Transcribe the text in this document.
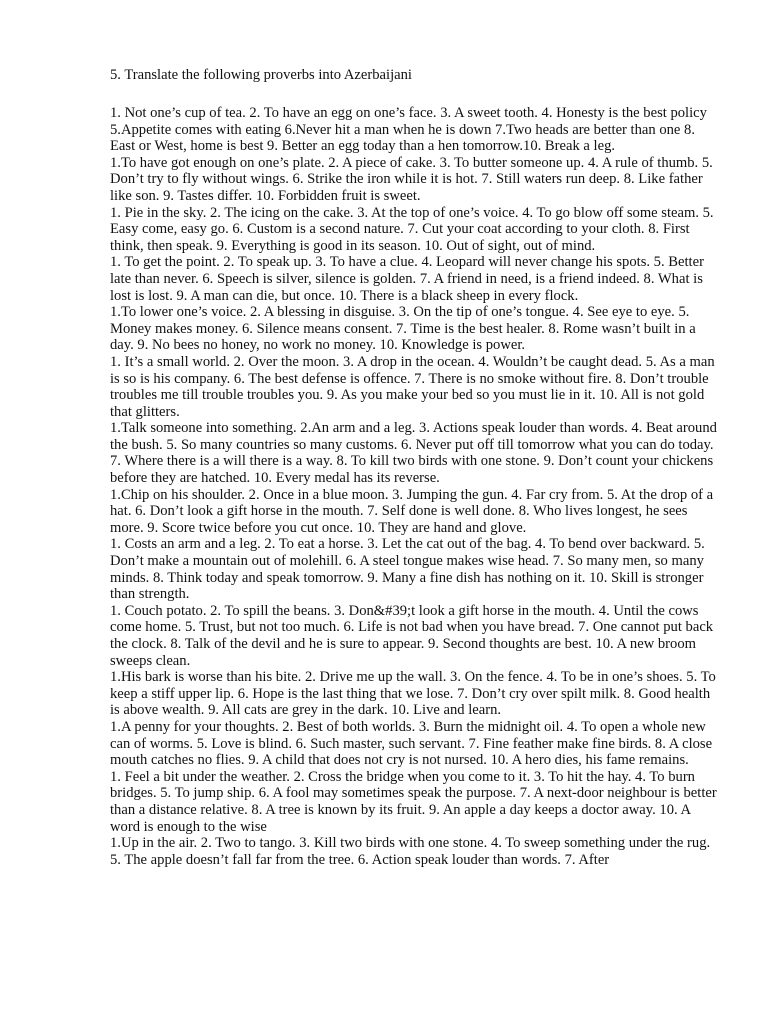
5. Translate the following proverbs into Azerbaijani

1. Not one’s cup of tea. 2. To have an egg on one’s face. 3. A sweet tooth. 4. Honesty is the best policy 5.Appetite comes with eating 6.Never hit a man when he is down 7.Two heads are better than one 8. East or West, home is best 9. Better an egg today than a hen tomorrow.10. Break a leg.

1.To have got enough on one’s plate. 2. A piece of cake. 3. To butter someone up. 4. A rule of thumb. 5. Don’t try to fly without wings. 6. Strike the iron while it is hot. 7. Still waters run deep. 8. Like father like son. 9. Tastes differ. 10. Forbidden fruit is sweet.

1. Pie in the sky. 2. The icing on the cake. 3. At the top of one’s voice. 4. To go blow off some steam. 5. Easy come, easy go. 6. Custom is a second nature. 7. Cut your coat according to your cloth. 8. First think, then speak. 9. Everything is good in its season. 10. Out of sight, out of mind.

1. To get the point. 2. To speak up. 3. To have a clue. 4. Leopard will never change his spots. 5. Better late than never. 6. Speech is silver, silence is golden. 7. A friend in need, is a friend indeed. 8. What is lost is lost. 9. A man can die, but once. 10. There is a black sheep in every flock.

1.To lower one’s voice. 2. A blessing in disguise. 3. On the tip of one’s tongue. 4. See eye to eye. 5. Money makes money. 6. Silence means consent. 7. Time is the best healer. 8. Rome wasn’t built in a day. 9. No bees no honey, no work no money. 10. Knowledge is power.

1. It’s a small world. 2. Over the moon. 3. A drop in the ocean. 4. Wouldn’t be caught dead. 5. As a man is so is his company. 6. The best defense is offence. 7. There is no smoke without fire. 8. Don’t trouble troubles me till trouble troubles you. 9. As you make your bed so you must lie in it. 10. All is not gold that glitters.

1.Talk someone into something. 2.An arm and a leg. 3. Actions speak louder than words. 4. Beat around the bush. 5. So many countries so many customs. 6. Never put off till tomorrow what you can do today. 7. Where there is a will there is a way. 8. To kill two birds with one stone. 9. Don’t count your chickens before they are hatched. 10. Every medal has its reverse.

1.Chip on his shoulder. 2. Once in a blue moon. 3. Jumping the gun. 4. Far cry from. 5. At the drop of a hat. 6. Don’t look a gift horse in the mouth. 7. Self done is well done. 8. Who lives longest, he sees more. 9. Score twice before you cut once. 10. They are hand and glove.

1. Costs an arm and a leg. 2. To eat a horse. 3. Let the cat out of the bag. 4. To bend over backward. 5. Don’t make a mountain out of molehill. 6. A steel tongue makes wise head. 7. So many men, so many minds. 8. Think today and speak tomorrow. 9. Many a fine dish has nothing on it. 10. Skill is stronger than strength.

1. Couch potato. 2. To spill the beans. 3. Don&#39;t look a gift horse in the mouth. 4. Until the cows come home. 5. Trust, but not too much. 6. Life is not bad when you have bread. 7. One cannot put back the clock. 8. Talk of the devil and he is sure to appear. 9. Second thoughts are best. 10. A new broom sweeps clean.

1.His bark is worse than his bite. 2. Drive me up the wall. 3. On the fence. 4. To be in one’s shoes. 5. To keep a stiff upper lip. 6. Hope is the last thing that we lose. 7. Don’t cry over spilt milk. 8. Good health is above wealth. 9. All cats are grey in the dark. 10. Live and learn.

1.A penny for your thoughts. 2. Best of both worlds. 3. Burn the midnight oil. 4. To open a whole new can of worms. 5. Love is blind. 6. Such master, such servant. 7. Fine feather make fine birds. 8. A close mouth catches no flies. 9. A child that does not cry is not nursed. 10. A hero dies, his fame remains.

1. Feel a bit under the weather. 2. Cross the bridge when you come to it. 3. To hit the hay. 4. To burn bridges. 5. To jump ship. 6. A fool may sometimes speak the purpose. 7. A next-door neighbour is better than a distance relative. 8. A tree is known by its fruit. 9. An apple a day keeps a doctor away. 10. A word is enough to the wise

1.Up in the air. 2. Two to tango. 3. Kill two birds with one stone. 4. To sweep something under the rug. 5. The apple doesn’t fall far from the tree. 6. Action speak louder than words. 7. After
